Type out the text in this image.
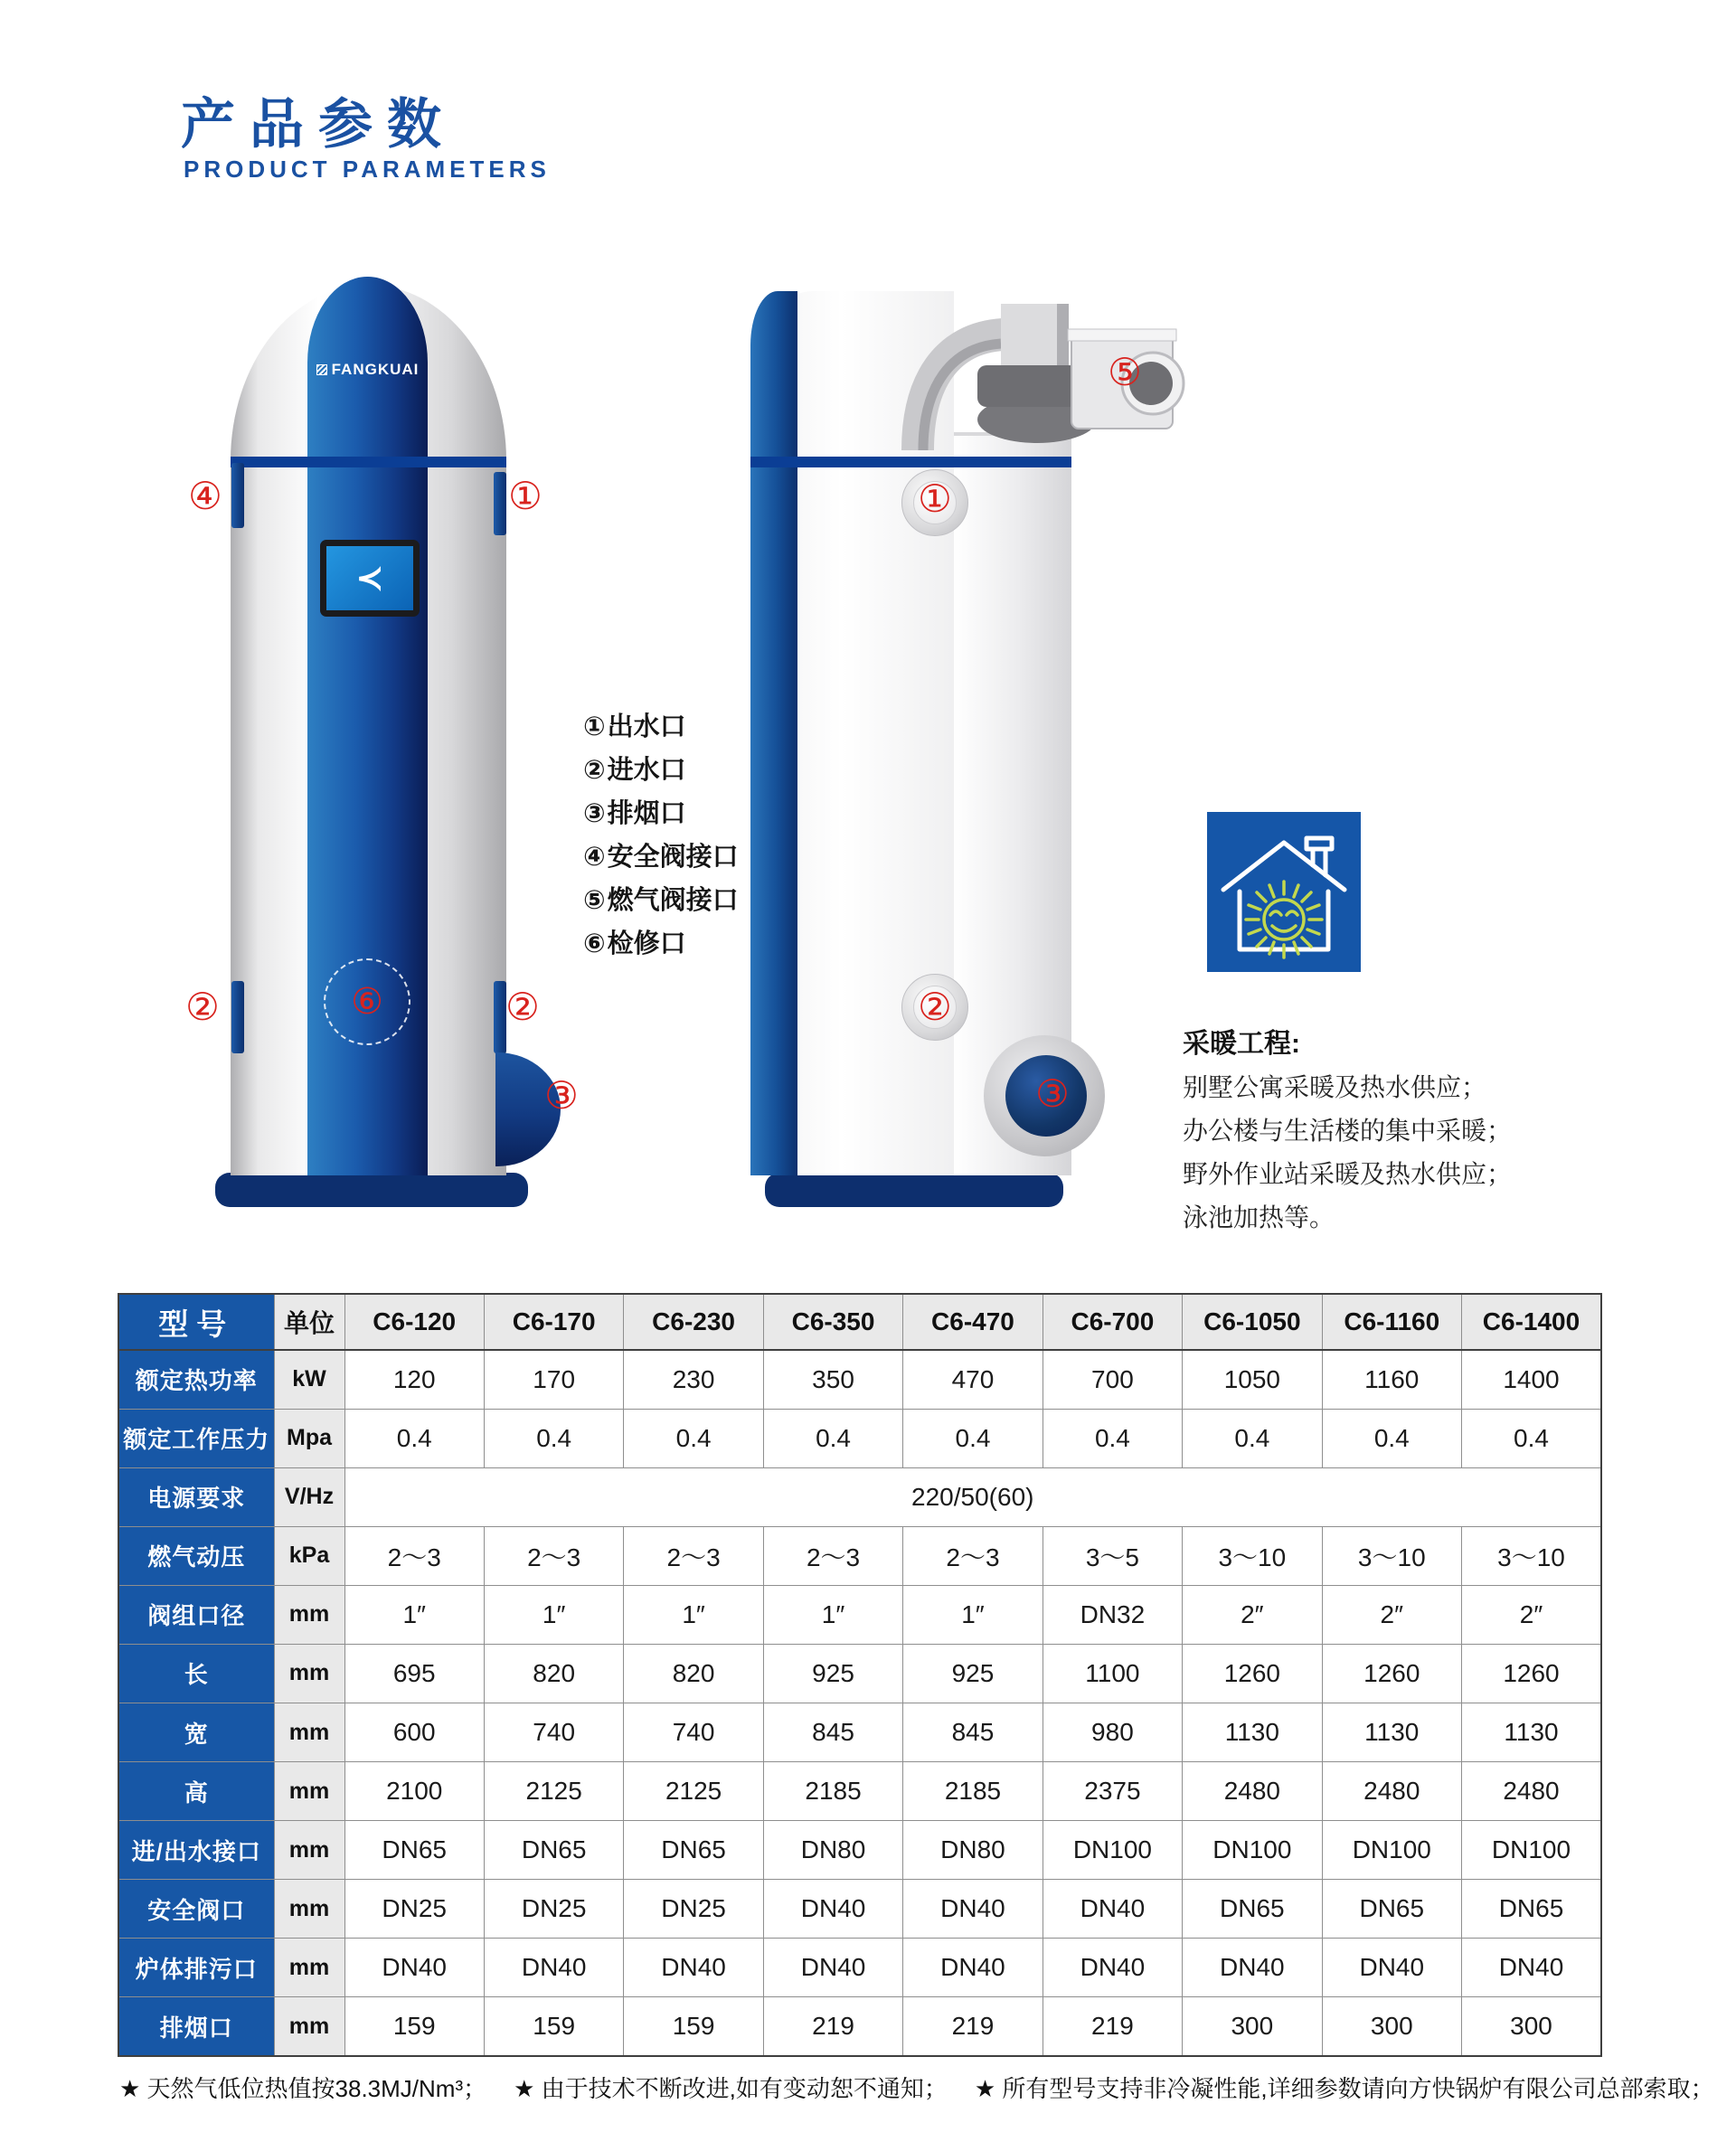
产品参数
PRODUCT PARAMETERS
FANGKUAI
≺
⑥
④	①
②	②
③
⑤
①
②
③
①出水口
②进水口
③排烟口
④安全阀接口
⑤燃气阀接口
⑥检修口
采暖工程:
别墅公寓采暖及热水供应；
办公楼与生活楼的集中采暖；
野外作业站采暖及热水供应；
泳池加热等。
型号	单位	C6-120	C6-170	C6-230	C6-350	C6-470	C6-700	C6-1050	C6-1160	C6-1400
额定热功率	kW	120	170	230	350	470	700	1050	1160	1400
额定工作压力	Mpa	0.4	0.4	0.4	0.4	0.4	0.4	0.4	0.4	0.4
电源要求	V/Hz	220/50(60)								
燃气动压	kPa	2～3	2～3	2～3	2～3	2～3	3～5	3～10	3～10	3～10
阀组口径	mm	1″	1″	1″	1″	1″	DN32	2″	2″	2″
长	mm	695	820	820	925	925	1100	1260	1260	1260
宽	mm	600	740	740	845	845	980	1130	1130	1130
高	mm	2100	2125	2125	2185	2185	2375	2480	2480	2480
进/出水接口	mm	DN65	DN65	DN65	DN80	DN80	DN100	DN100	DN100	DN100
安全阀口	mm	DN25	DN25	DN25	DN40	DN40	DN40	DN65	DN65	DN65
炉体排污口	mm	DN40	DN40	DN40	DN40	DN40	DN40	DN40	DN40	DN40
排烟口	mm	159	159	159	219	219	219	300	300	300
★ 天然气低位热值按38.3MJ/Nm³； ★ 由于技术不断改进,如有变动恕不通知； ★ 所有型号支持非冷凝性能,详细参数请向方快锅炉有限公司总部索取；
